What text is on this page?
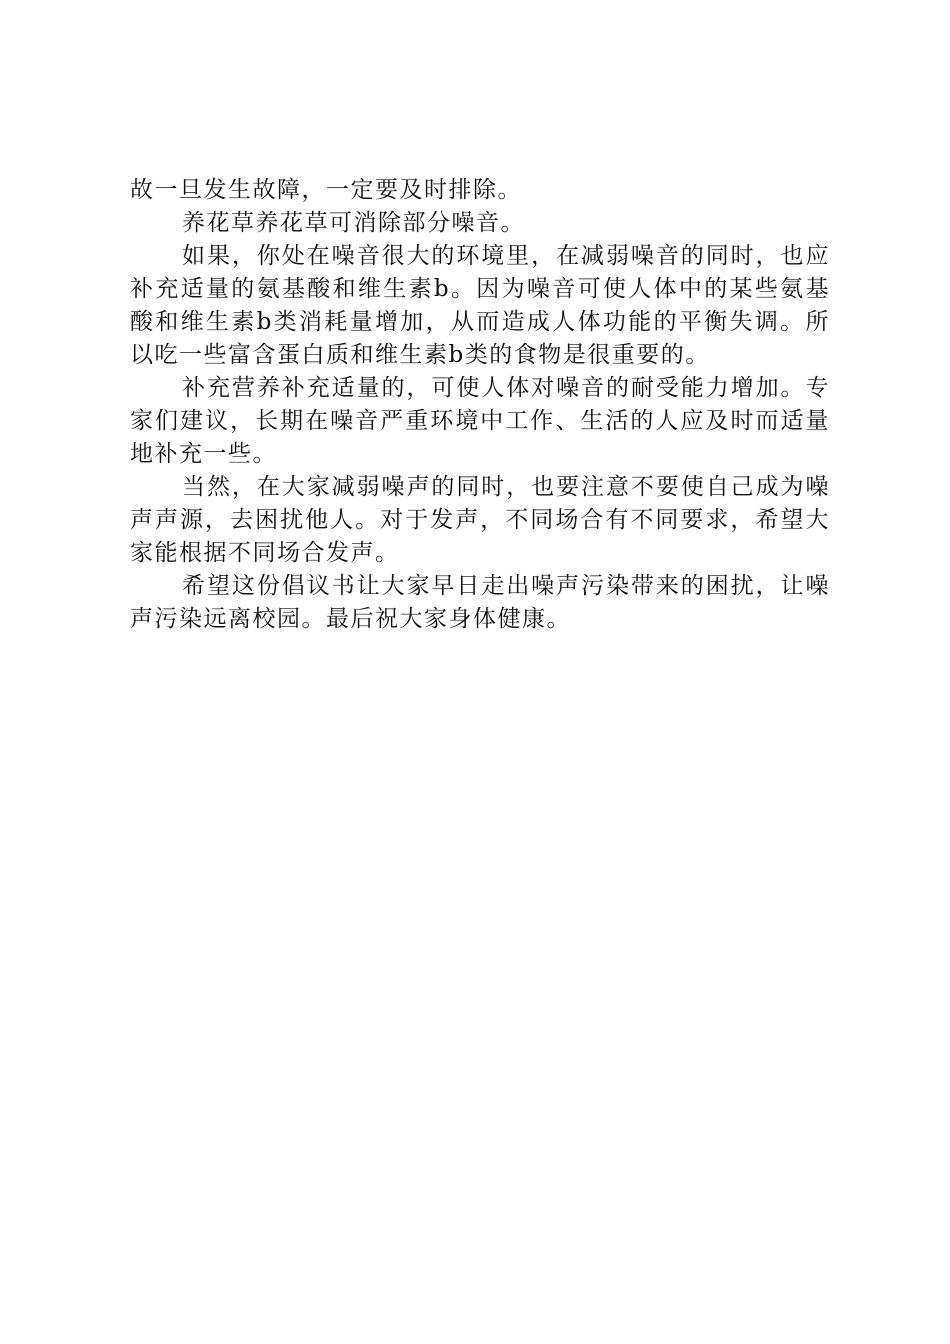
故一旦发生故障，一定要及时排除。

养花草养花草可消除部分噪音。

如果，你处在噪音很大的环境里，在减弱噪音的同时，也应补充适量的氨基酸和维生素b。因为噪音可使人体中的某些氨基酸和维生素b类消耗量增加，从而造成人体功能的平衡失调。所以吃一些富含蛋白质和维生素b类的食物是很重要的。

补充营养补充适量的，可使人体对噪音的耐受能力增加。专家们建议，长期在噪音严重环境中工作、生活的人应及时而适量地补充一些。

当然，在大家减弱噪声的同时，也要注意不要使自己成为噪声声源，去困扰他人。对于发声，不同场合有不同要求，希望大家能根据不同场合发声。

希望这份倡议书让大家早日走出噪声污染带来的困扰，让噪声污染远离校园。最后祝大家身体健康。
